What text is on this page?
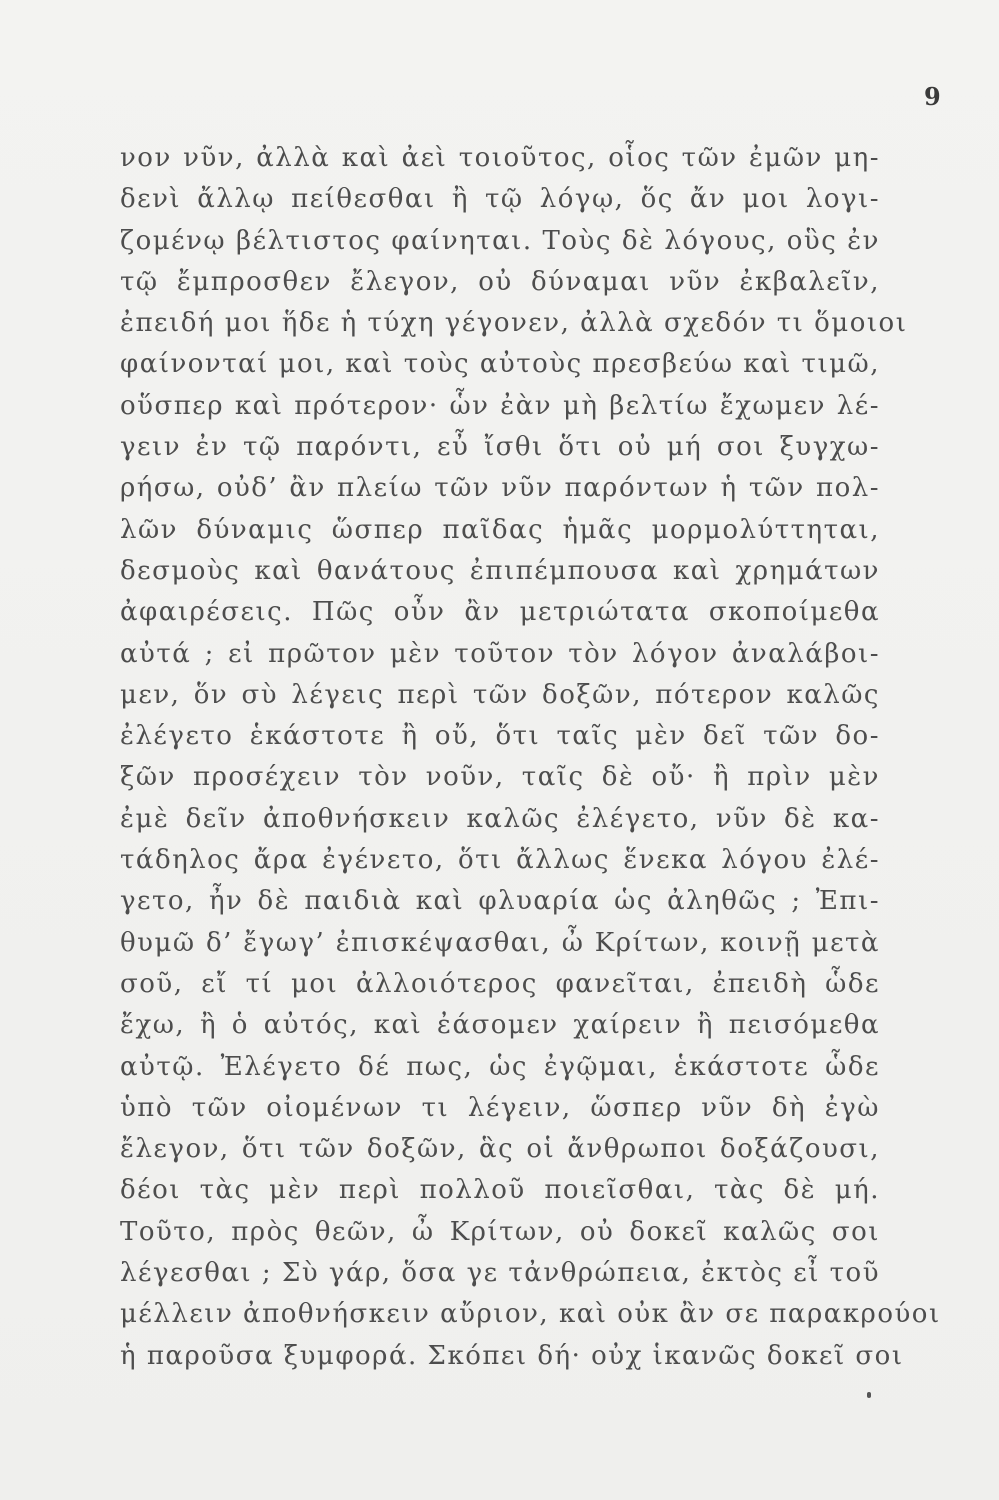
9
νον νῦν, ἀλλὰ καὶ ἀεὶ τοιοῦτος, οἷος τῶν ἐμῶν μη-
δενὶ ἄλλῳ πείθεσθαι ἢ τῷ λόγῳ, ὅς ἄν μοι λογι-
ζομένῳ βέλτιστος φαίνηται. Τοὺς δὲ λόγους, οὓς ἐν
τῷ ἔμπροσθεν ἔλεγον, οὐ δύναμαι νῦν ἐκβαλεῖν,
ἐπειδή μοι ἥδε ἡ τύχη γέγονεν, ἀλλὰ σχεδόν τι ὅμοιοι
φαίνονταί μοι, καὶ τοὺς αὐτοὺς πρεσβεύω καὶ τιμῶ,
οὕσπερ καὶ πρότερον· ὧν ἐὰν μὴ βελτίω ἔχωμεν λέ-
γειν ἐν τῷ παρόντι, εὖ ἴσθι ὅτι οὐ μή σοι ξυγχω-
ρήσω, οὐδ’ ἂν πλείω τῶν νῦν παρόντων ἡ τῶν πολ-
λῶν δύναμις ὥσπερ παῖδας ἡμᾶς μορμολύττηται,
δεσμοὺς καὶ θανάτους ἐπιπέμπουσα καὶ χρημάτων
ἀφαιρέσεις. Πῶς οὖν ἂν μετριώτατα σκοποίμεθα
αὐτά ; εἰ πρῶτον μὲν τοῦτον τὸν λόγον ἀναλάβοι-
μεν, ὅν σὺ λέγεις περὶ τῶν δοξῶν, πότερον καλῶς
ἐλέγετο ἑκάστοτε ἢ οὔ, ὅτι ταῖς μὲν δεῖ τῶν δο-
ξῶν προσέχειν τὸν νοῦν, ταῖς δὲ οὔ· ἢ πρὶν μὲν
ἐμὲ δεῖν ἀποθνήσκειν καλῶς ἐλέγετο, νῦν δὲ κα-
τάδηλος ἄρα ἐγένετο, ὅτι ἄλλως ἕνεκα λόγου ἐλέ-
γετο, ἦν δὲ παιδιὰ καὶ φλυαρία ὡς ἀληθῶς ; Ἐπι-
θυμῶ δ’ ἔγωγ’ ἐπισκέψασθαι, ὦ Κρίτων, κοινῇ μετὰ
σοῦ, εἴ τί μοι ἀλλοιότερος φανεῖται, ἐπειδὴ ὧδε
ἔχω, ἢ ὁ αὐτός, καὶ ἐάσομεν χαίρειν ἢ πεισόμεθα
αὐτῷ. Ἐλέγετο δέ πως, ὡς ἐγῷμαι, ἑκάστοτε ὧδε
ὑπὸ τῶν οἰομένων τι λέγειν, ὥσπερ νῦν δὴ ἐγὼ
ἔλεγον, ὅτι τῶν δοξῶν, ἃς οἱ ἄνθρωποι δοξάζουσι,
δέοι τὰς μὲν περὶ πολλοῦ ποιεῖσθαι, τὰς δὲ μή.
Τοῦτο, πρὸς θεῶν, ὦ Κρίτων, οὐ δοκεῖ καλῶς σοι
λέγεσθαι ; Σὺ γάρ, ὅσα γε τἀνθρώπεια, ἐκτὸς εἶ τοῦ
μέλλειν ἀποθνήσκειν αὔριον, καὶ οὐκ ἂν σε παρακρούοι
ἡ παροῦσα ξυμφορά. Σκόπει δή· οὐχ ἱκανῶς δοκεῖ σοι
